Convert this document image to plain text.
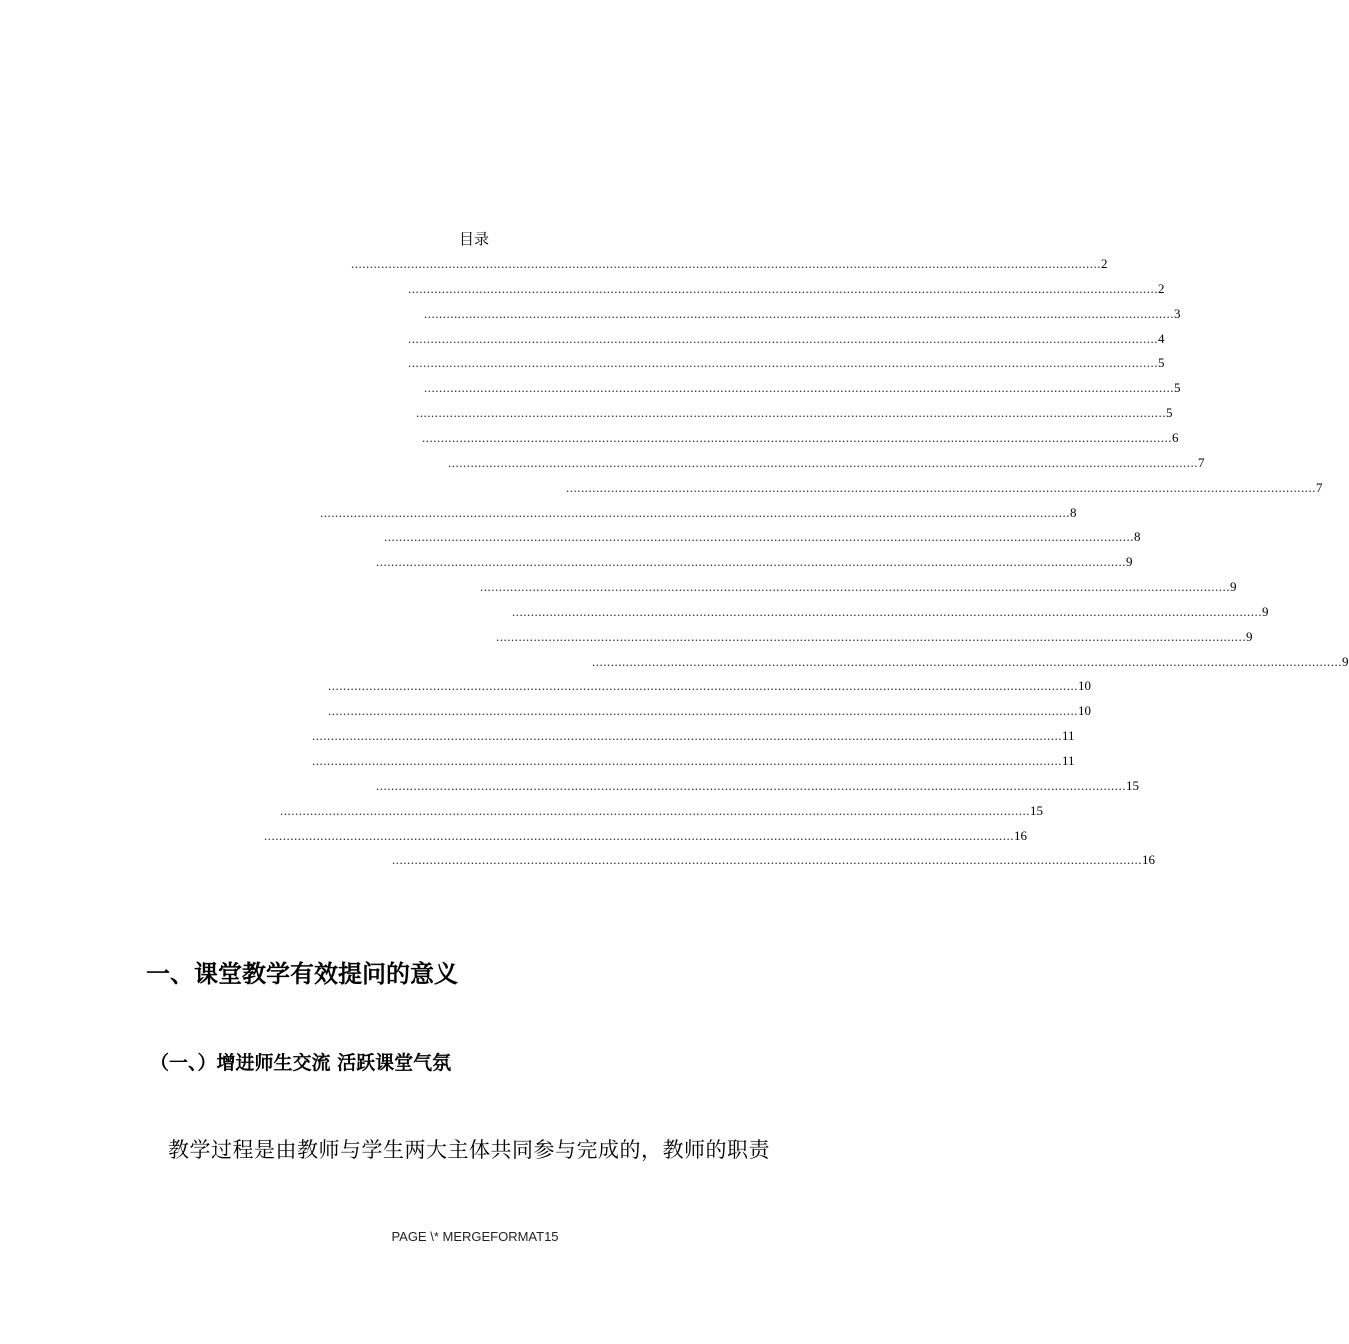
目录
........................................................................................................................................................................................................ 2
........................................................................................................................................................................................................ 2
........................................................................................................................................................................................................ 3
........................................................................................................................................................................................................ 4
........................................................................................................................................................................................................ 5
........................................................................................................................................................................................................ 5
........................................................................................................................................................................................................ 5
........................................................................................................................................................................................................ 6
........................................................................................................................................................................................................ 7
........................................................................................................................................................................................................ 7
........................................................................................................................................................................................................ 8
........................................................................................................................................................................................................ 8
........................................................................................................................................................................................................ 9
........................................................................................................................................................................................................ 9
........................................................................................................................................................................................................ 9
........................................................................................................................................................................................................ 9
........................................................................................................................................................................................................ 9
........................................................................................................................................................................................................ 10
........................................................................................................................................................................................................ 10
........................................................................................................................................................................................................ 11
........................................................................................................................................................................................................ 11
........................................................................................................................................................................................................ 15
........................................................................................................................................................................................................ 15
........................................................................................................................................................................................................ 16
........................................................................................................................................................................................................ 16
一、课堂教学有效提问的意义
（一、）增进师生交流 活跃课堂气氛
教学过程是由教师与学生两大主体共同参与完成的，教师的职责
PAGE \* MERGEFORMAT15
